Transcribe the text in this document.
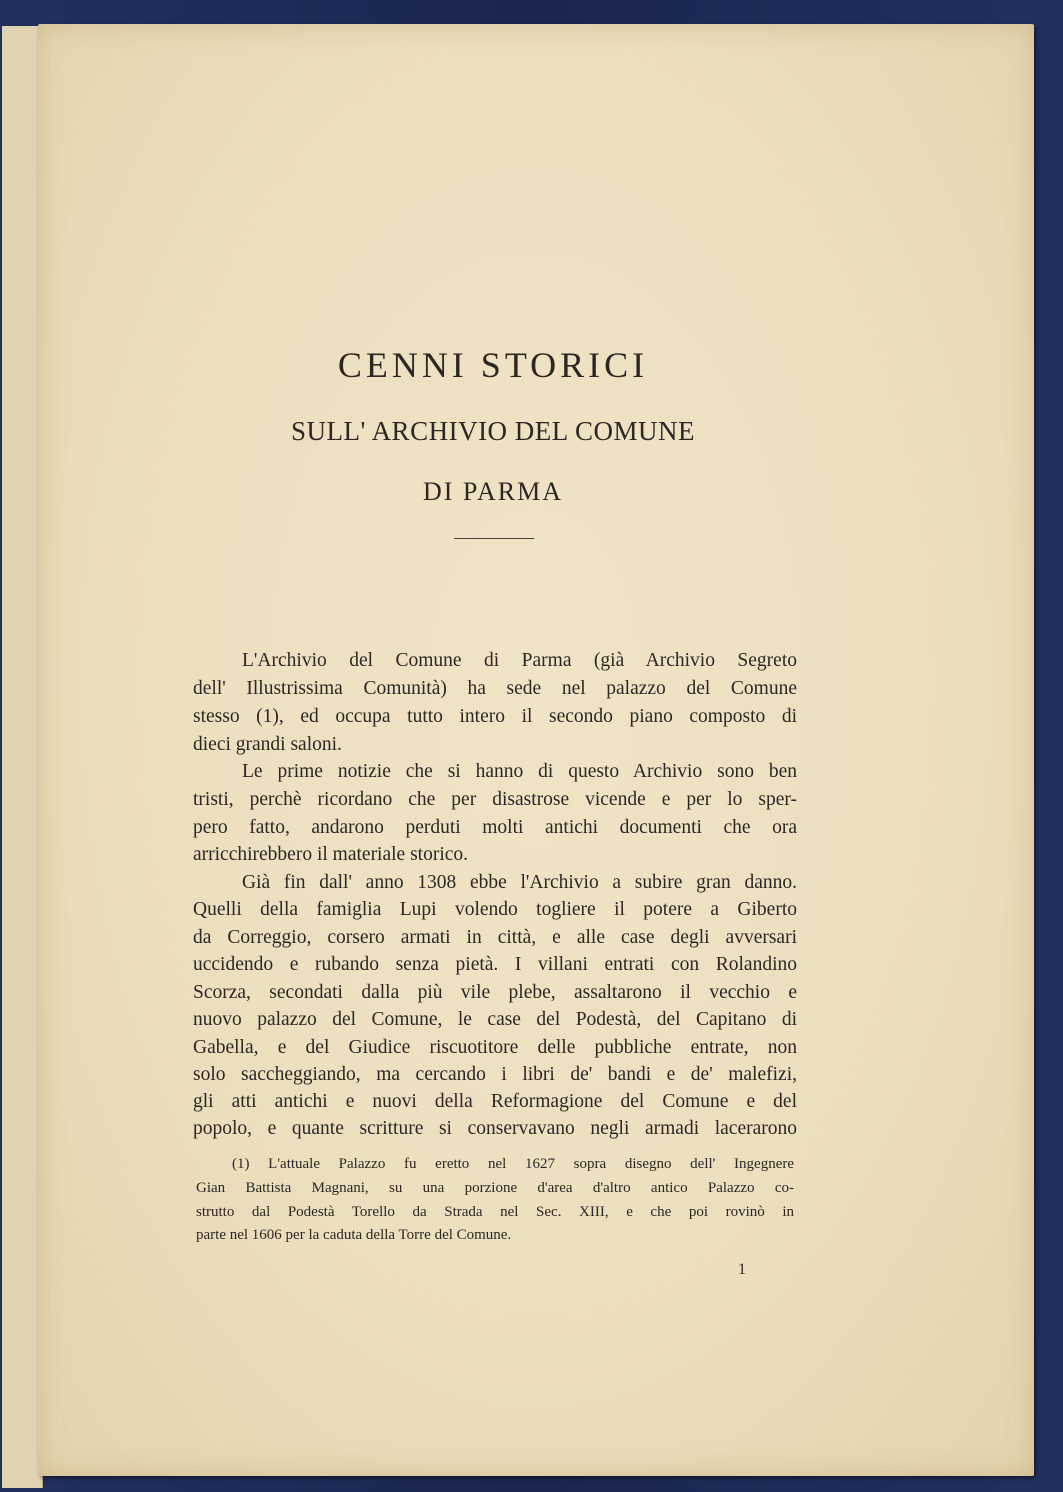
CENNI STORICI
SULL' ARCHIVIO DEL COMUNE
DI PARMA
L'Archivio del Comune di Parma (già Archivio Segreto
dell' Illustrissima Comunità) ha sede nel palazzo del Comune
stesso (1), ed occupa tutto intero il secondo piano composto di
dieci grandi saloni.
Le prime notizie che si hanno di questo Archivio sono ben
tristi, perchè ricordano che per disastrose vicende e per lo sper-
pero fatto, andarono perduti molti antichi documenti che ora
arricchirebbero il materiale storico.
Già fin dall' anno 1308 ebbe l'Archivio a subire gran danno.
Quelli della famiglia Lupi volendo togliere il potere a Giberto
da Correggio, corsero armati in città, e alle case degli avversari
uccidendo e rubando senza pietà. I villani entrati con Rolandino
Scorza, secondati dalla più vile plebe, assaltarono il vecchio e
nuovo palazzo del Comune, le case del Podestà, del Capitano di
Gabella, e del Giudice riscuotitore delle pubbliche entrate, non
solo saccheggiando, ma cercando i libri de' bandi e de' malefizi,
gli atti antichi e nuovi della Reformagione del Comune e del
popolo, e quante scritture si conservavano negli armadi lacerarono
(1) L'attuale Palazzo fu eretto nel 1627 sopra disegno dell' Ingegnere
Gian Battista Magnani, su una porzione d'area d'altro antico Palazzo co-
strutto dal Podestà Torello da Strada nel Sec. XIII, e che poi rovinò in
parte nel 1606 per la caduta della Torre del Comune.
1
